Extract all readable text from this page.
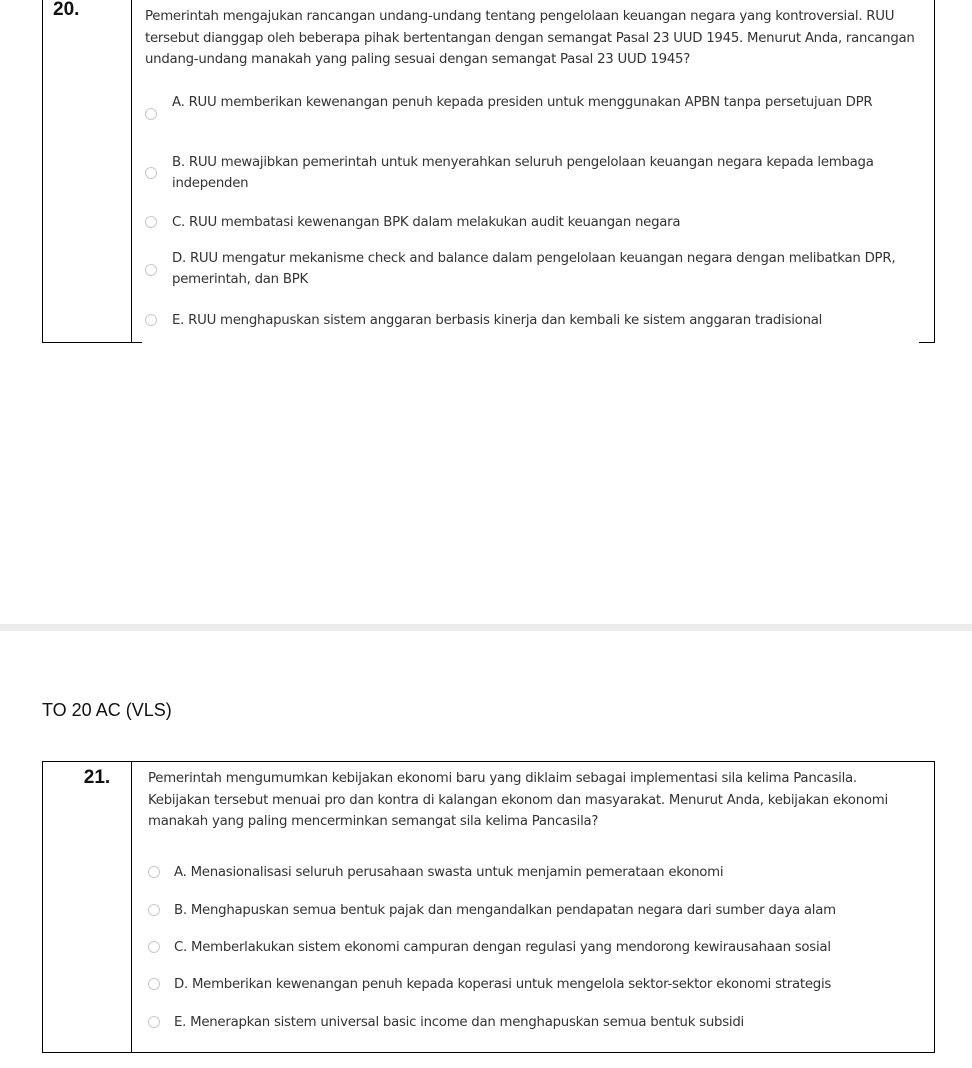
20.	Pemerintah mengajukan rancangan undang-undang tentang pengelolaan keuangan negara yang kontroversial. RUU tersebut dianggap oleh beberapa pihak bertentangan dengan semangat Pasal 23 UUD 1945. Menurut Anda, rancangan undang-undang manakah yang paling sesuai dengan semangat Pasal 23 UUD 1945?
A. RUU memberikan kewenangan penuh kepada presiden untuk menggunakan APBN tanpa persetujuan DPR
B. RUU mewajibkan pemerintah untuk menyerahkan seluruh pengelolaan keuangan negara kepada lembaga independen
C. RUU membatasi kewenangan BPK dalam melakukan audit keuangan negara
D. RUU mengatur mekanisme check and balance dalam pengelolaan keuangan negara dengan melibatkan DPR, pemerintah, dan BPK
E. RUU menghapuskan sistem anggaran berbasis kinerja dan kembali ke sistem anggaran tradisional
TO 20 AC (VLS)
21.	Pemerintah mengumumkan kebijakan ekonomi baru yang diklaim sebagai implementasi sila kelima Pancasila. Kebijakan tersebut menuai pro dan kontra di kalangan ekonom dan masyarakat. Menurut Anda, kebijakan ekonomi manakah yang paling mencerminkan semangat sila kelima Pancasila?
A. Menasionalisasi seluruh perusahaan swasta untuk menjamin pemerataan ekonomi
B. Menghapuskan semua bentuk pajak dan mengandalkan pendapatan negara dari sumber daya alam
C. Memberlakukan sistem ekonomi campuran dengan regulasi yang mendorong kewirausahaan sosial
D. Memberikan kewenangan penuh kepada koperasi untuk mengelola sektor-sektor ekonomi strategis
E. Menerapkan sistem universal basic income dan menghapuskan semua bentuk subsidi
